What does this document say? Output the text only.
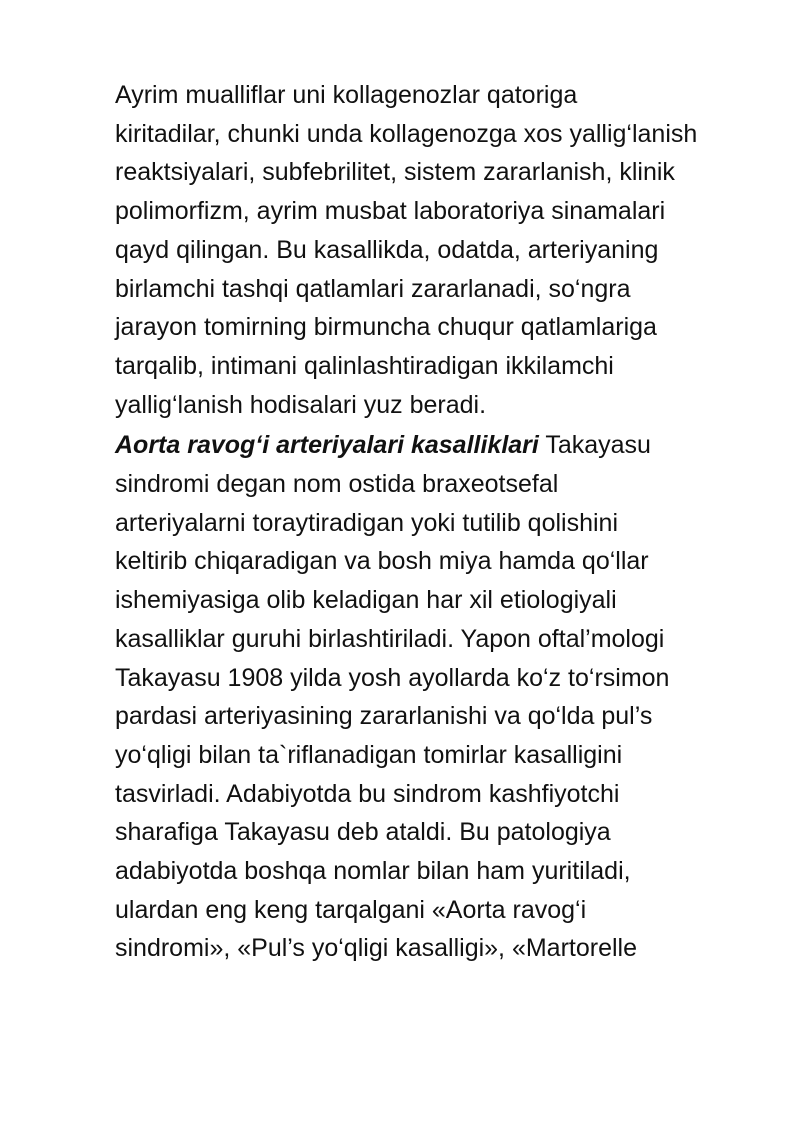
Ayrim mualliflar uni kollagenozlar qatoriga
kiritadilar, chunki unda kollagenozga xos yallig‘lanish
reaktsiyalari, subfebrilitet, sistem zararlanish, klinik
polimorfizm, ayrim musbat laboratoriya sinamalari
qayd qilingan. Bu kasallikda, odatda, arteriyaning
birlamchi tashqi qatlamlari zararlanadi, so‘ngra
jarayon tomirning birmuncha chuqur qatlamlariga
tarqalib, intimani qalinlashtiradigan ikkilamchi
yallig‘lanish hodisalari yuz beradi.

Aorta ravog‘i arteriyalari kasalliklari Takayasu
sindromi degan nom ostida braxeotsefal
arteriyalarni toraytiradigan yoki tutilib qolishini
keltirib chiqaradigan va bosh miya hamda qo‘llar
ishemiyasiga olib keladigan har xil etiologiyali
kasalliklar guruhi birlashtiriladi. Yapon oftal’mologi
Takayasu 1908 yilda yosh ayollarda ko‘z to‘rsimon
pardasi arteriyasining zararlanishi va qo‘lda pul’s
yo‘qligi bilan ta`riflanadigan tomirlar kasalligini
tasvirladi. Adabiyotda bu sindrom kashfiyotchi
sharafiga Takayasu deb ataldi. Bu patologiya
adabiyotda boshqa nomlar bilan ham yuritiladi,
ulardan eng keng tarqalgani «Aorta ravog‘i
sindromi», «Pul’s yo‘qligi kasalligi», «Martorelle
